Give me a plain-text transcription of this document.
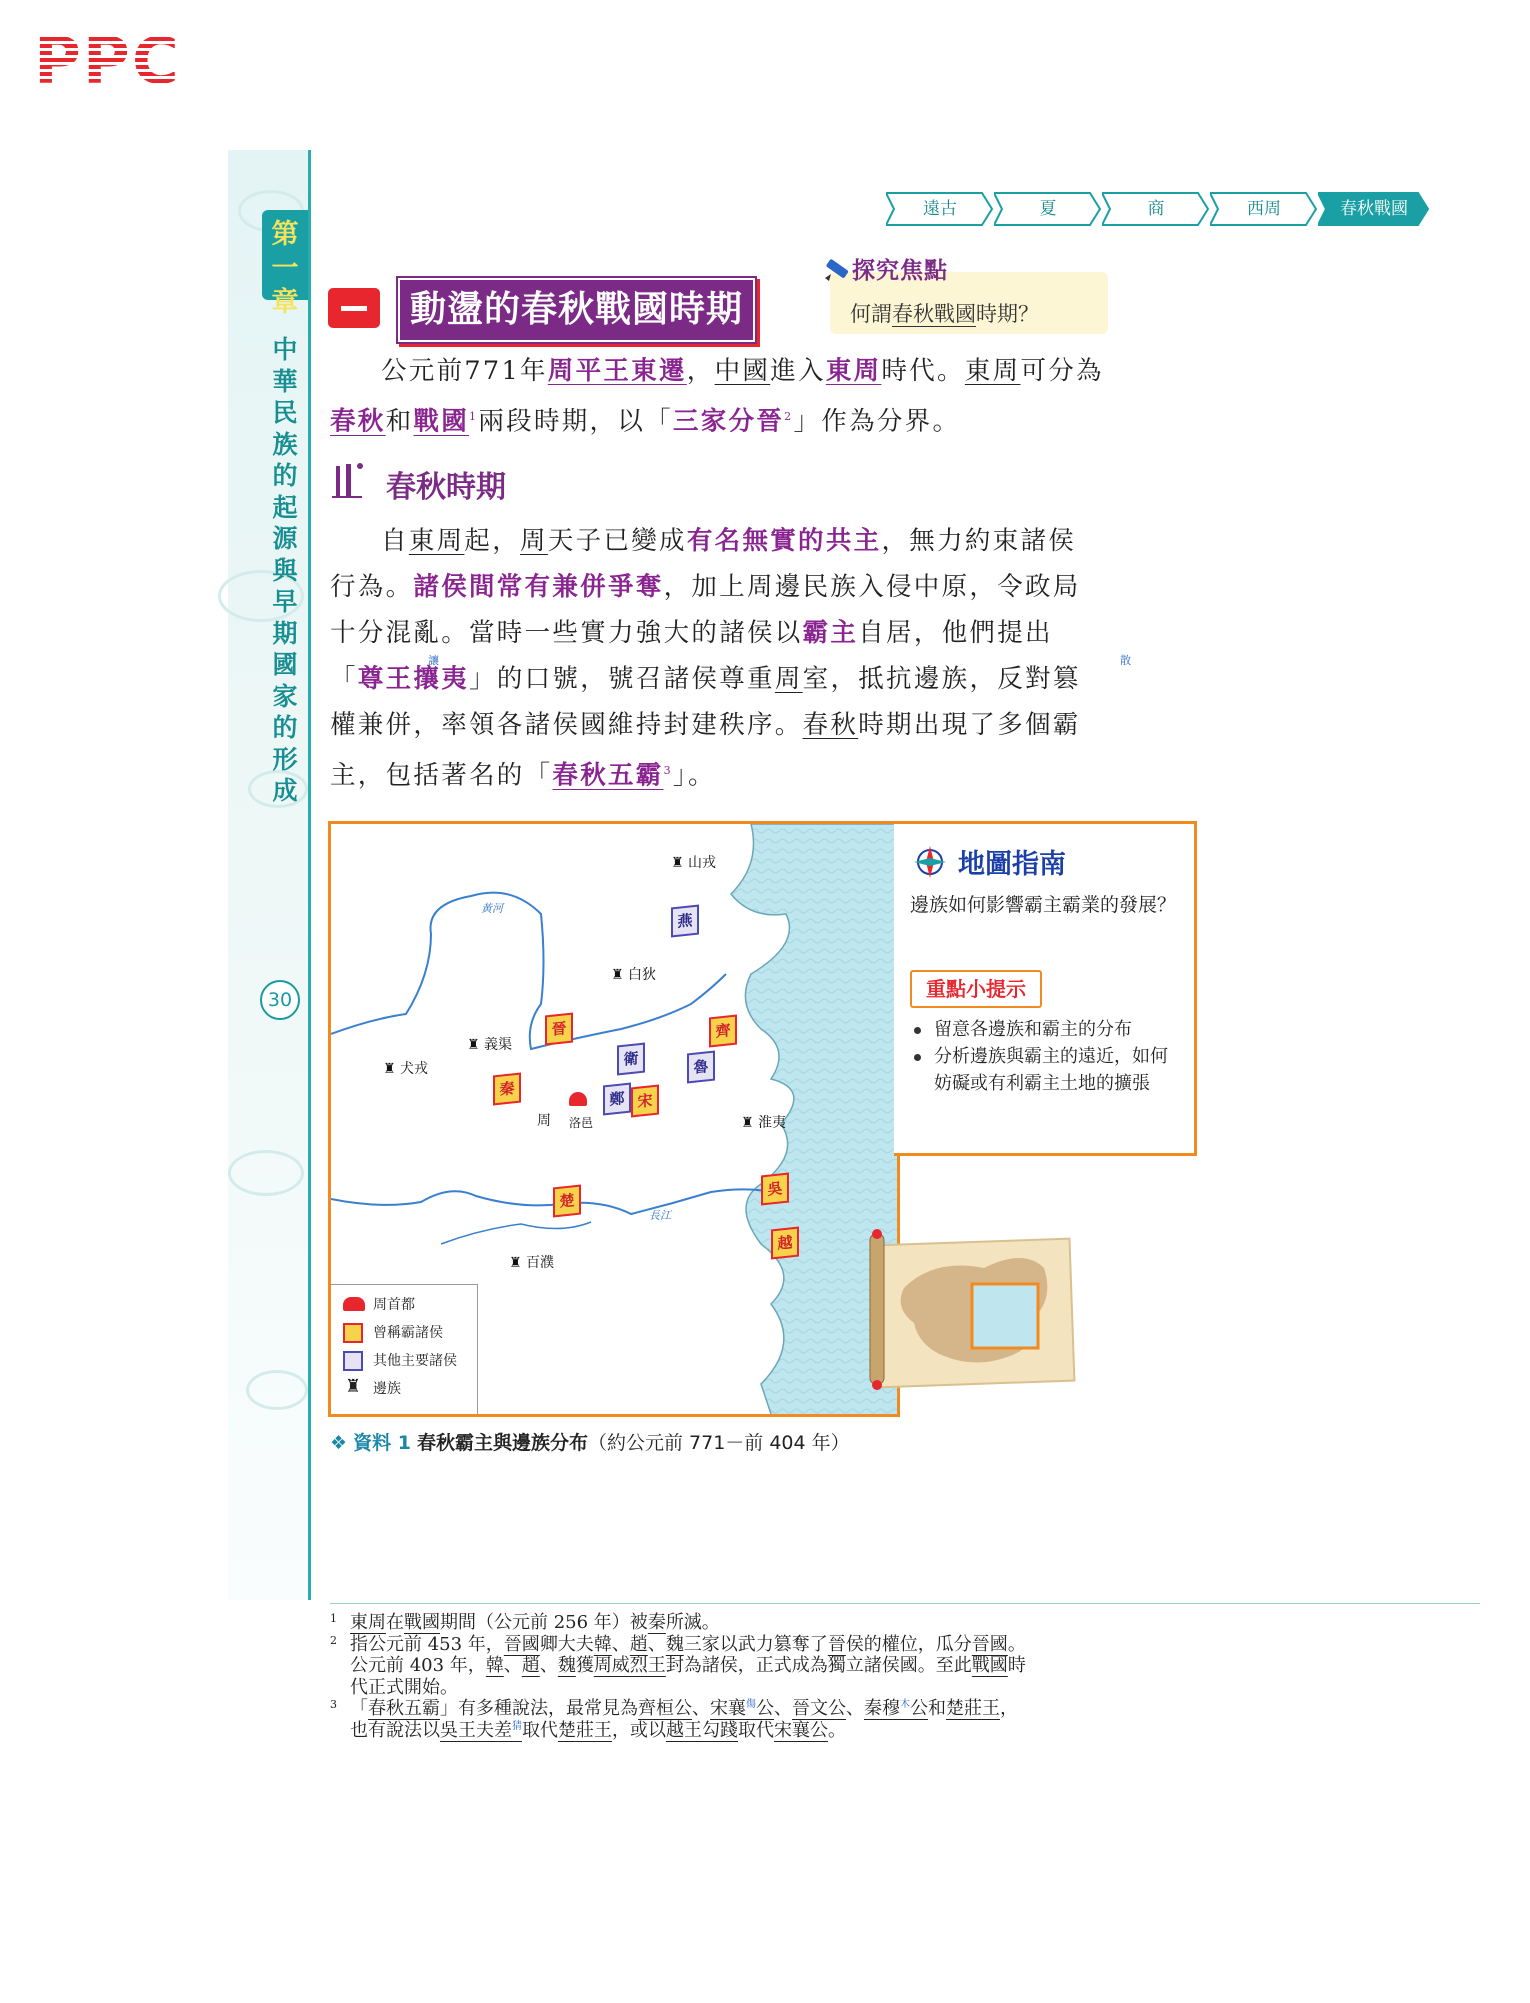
PPC
第一章
中華民族的起源與早期國家的形成
30
遠古	夏	商	西周	春秋戰國
動盪的春秋戰國時期
探究焦點
何謂春秋戰國時期？

公元前771年周平王東遷，中國進入東周時代。東周可分為

春秋和戰國$^1$兩段時期，以「三家分晉$^2$」作為分界。

春秋時期
讓	散

自東周起，周天子已變成有名無實的共主，無力約束諸侯

行為。諸侯間常有兼併爭奪，加上周邊民族入侵中原，令政局

十分混亂。當時一些實力強大的諸侯以霸主自居，他們提出

「尊王攘夷」的口號，號召諸侯尊重周室，抵抗邊族，反對篡

權兼併，率領各諸侯國維持封建秩序。春秋時期出現了多個霸

主，包括著名的「春秋五霸$^3$」。

黃河
長江
♜ 山戎
♜ 白狄
♜ 義渠
♜ 犬戎
周 洛邑	♜ 淮夷
♜ 百濮
晉
秦
齊
宋
楚
吳
越
燕
衛	魯
鄭
周首都
曾稱霸諸侯
其他主要諸侯
♜ 邊族
地圖指南
邊族如何影響霸主霸業的發展？
重點小提示
留意各邊族和霸主的分布
分析邊族與霸主的遠近，如何妨礙或有利霸主土地的擴張
❖ 資料 1 春秋霸主與邊族分布（約公元前 771－前 404 年）
1 東周在戰國期間（公元前 256 年）被秦所滅。
2 指公元前 453 年，晉國卿大夫韓、趙、魏三家以武力篡奪了晉侯的權位，瓜分晉國。
公元前 403 年，韓、趙、魏獲周威烈王封為諸侯，正式成為獨立諸侯國。至此戰國時
代正式開始。
3 「春秋五霸」有多種說法，最常見為齊桓公、宋襄$^傷$公、晉文公、秦穆$^木$公和楚莊王，
也有說法以吳王夫差$^猜$取代楚莊王，或以越王勾踐取代宋襄公。
